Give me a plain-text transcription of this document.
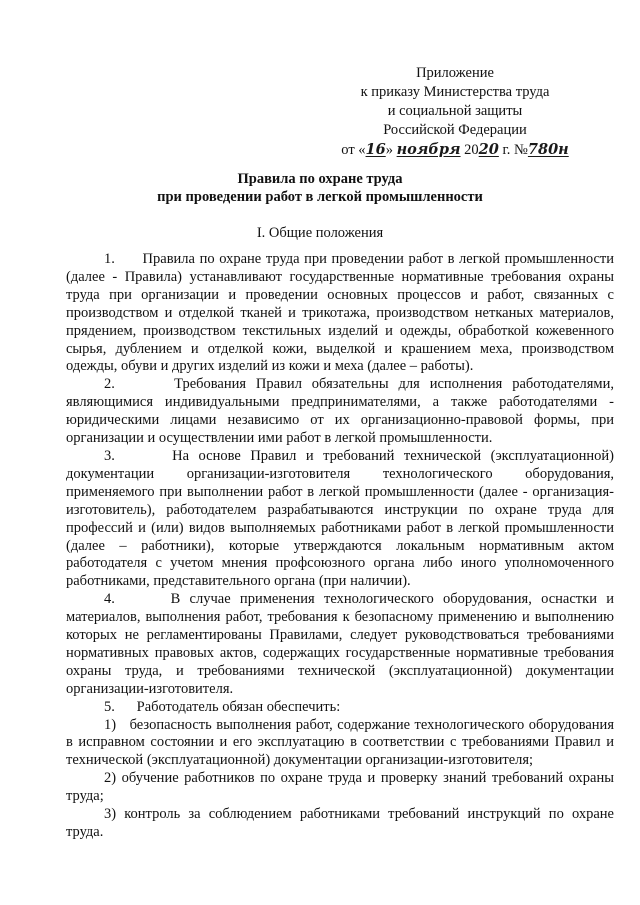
Приложение
к приказу Министерства труда
и социальной защиты
Российской Федерации
от «16» ноября 2020 г. №780н
Правила по охране труда
при проведении работ в легкой промышленности
I. Общие положения

1.      Правила по охране труда при проведении работ в легкой промышленности (далее - Правила) устанавливают государственные нормативные требования охраны труда при организации и проведении основных процессов и работ, связанных с производством и отделкой тканей и трикотажа, производством нетканых материалов, прядением, производством текстильных изделий и одежды, обработкой кожевенного сырья, дублением и отделкой кожи, выделкой и крашением меха, производством одежды, обуви и других изделий из кожи и меха (далее – работы).

2.      Требования Правил обязательны для исполнения работодателями, являющимися индивидуальными предпринимателями, а также работодателями - юридическими лицами независимо от их организационно-правовой формы, при организации и осуществлении ими работ в легкой промышленности.

3.      На основе Правил и требований технической (эксплуатационной) документации организации-изготовителя технологического оборудования, применяемого при выполнении работ в легкой промышленности (далее - организация-изготовитель), работодателем разрабатываются инструкции по охране труда для профессий и (или) видов выполняемых работниками работ в легкой промышленности (далее – работники), которые утверждаются локальным нормативным актом работодателя с учетом мнения профсоюзного органа либо иного уполномоченного работниками, представительного органа (при наличии).

4.      В случае применения технологического оборудования, оснастки и материалов, выполнения работ, требования к безопасному применению и выполнению которых не регламентированы Правилами, следует руководствоваться требованиями нормативных правовых актов, содержащих государственные нормативные требования охраны труда, и требованиями технической (эксплуатационной) документации организации-изготовителя.

5.      Работодатель обязан обеспечить:

1)   безопасность выполнения работ, содержание технологического оборудования в исправном состоянии и его эксплуатацию в соответствии с требованиями Правил и технической (эксплуатационной) документации организации-изготовителя;

2) обучение работников по охране труда и проверку знаний требований охраны труда;

3) контроль за соблюдением работниками требований инструкций по охране труда.
